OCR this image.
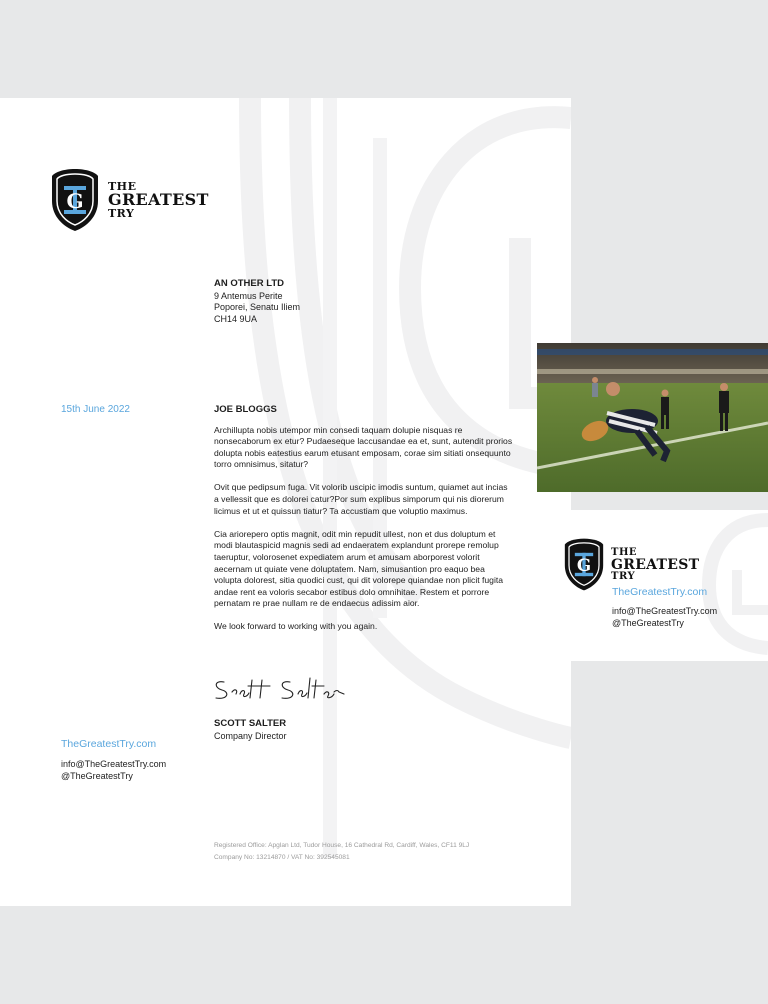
G
THE
GREATEST
TRY
AN OTHER LTD
9 Antemus Perite
Poporei, Senatu Iliem
CH14 9UA
15th June 2022	JOE BLOGGS

Archillupta nobis utempor min consedi taquam dolupie nisquas re nonsecaborum ex etur? Pudaeseque laccusandae ea et, sunt, autendit prorios dolupta nobis eatestius earum etusant emposam, corae sim sitiati onsequunto torro omnisimus, sitatur?

Ovit que pedipsum fuga. Vit volorib uscipic imodis suntum, quiamet aut incias a vellessit que es dolorei catur?Por sum explibus simporum qui nis diorerum licimus et ut et quissun tiatur? Ta accustiam que voluptio maximus.

Cia ariorepero optis magnit, odit min repudit ullest, non et dus doluptum et modi blautaspicid magnis sedi ad endaeratem explandunt prorepe remolup taeruptur, volorosenet expediatem arum et amusam aborporest volorit aecernam ut quiate vene doluptatem. Nam, simusantion pro eaquo bea volupta dolorest, sitia quodici cust, qui dit volorepe quiandae non plicit fugita andae rent ea voloris secabor estibus dolo omnihitae. Restem et porrore pernatam re prae nullam re de endaecus adissim aior.

We look forward to working with you again.

SCOTT SALTER
Company Director
TheGreatestTry.com
info@TheGreatestTry.com
@TheGreatestTry
Registered Office: Apglan Ltd, Tudor House, 16 Cathedral Rd, Cardiff, Wales, CF11 9LJ
Company No: 13214870 / VAT No: 392545081
G
THE
GREATEST
TRY
TheGreatestTry.com
info@TheGreatestTry.com
@TheGreatestTry
